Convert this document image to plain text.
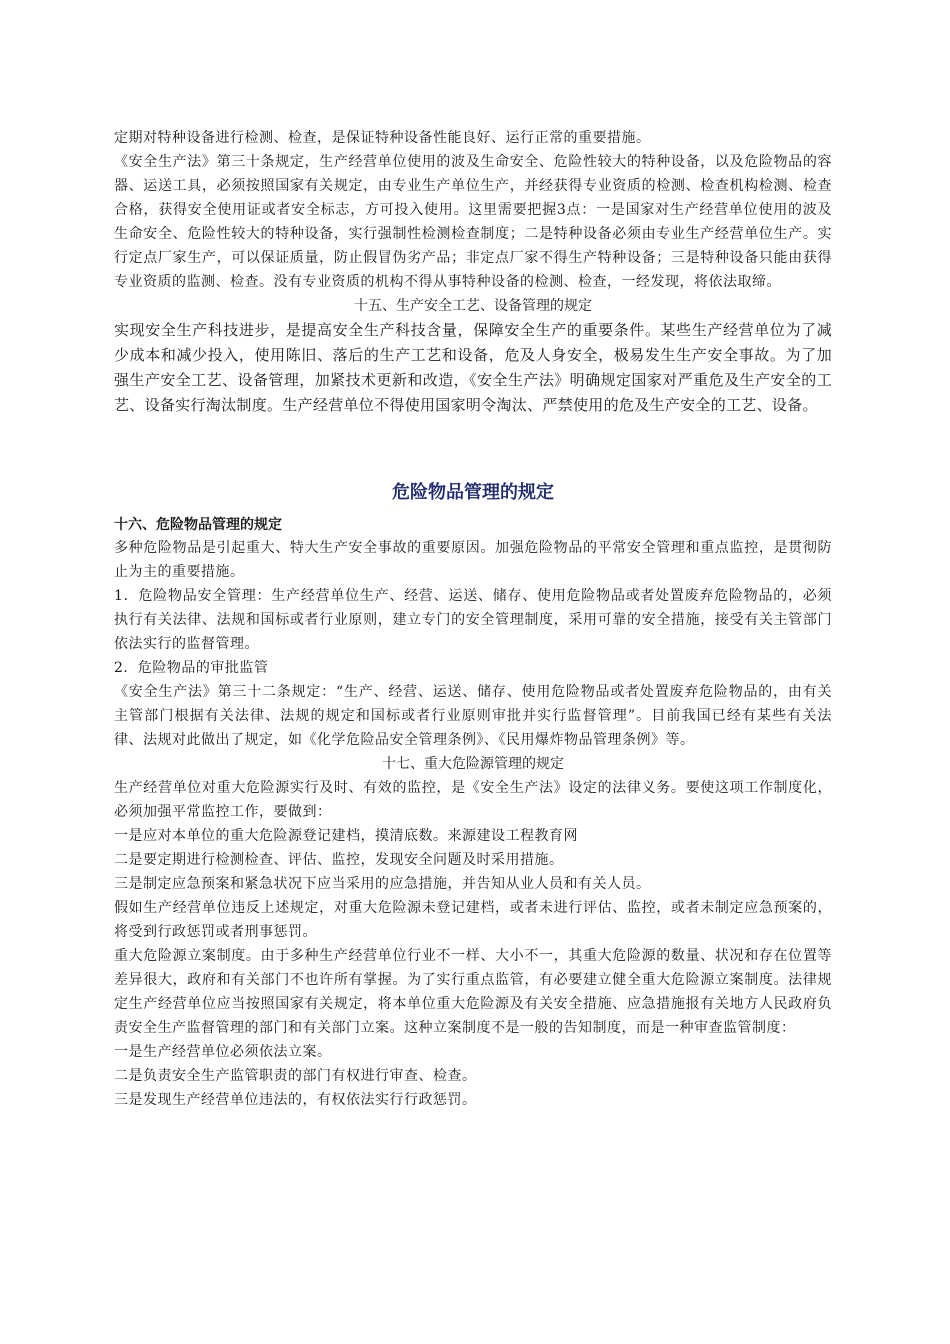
定期对特种设备进行检测、检查，是保证特种设备性能良好、运行正常的重要措施。

《安全生产法》第三十条规定，生产经营单位使用的波及生命安全、危险性较大的特种设备，以及危险物品的容器、运送工具，必须按照国家有关规定，由专业生产单位生产，并经获得专业资质的检测、检查机构检测、检查合格，获得安全使用证或者安全标志，方可投入使用。这里需要把握3点：一是国家对生产经营单位使用的波及生命安全、危险性较大的特种设备，实行强制性检测检查制度；二是特种设备必须由专业生产经营单位生产。实行定点厂家生产，可以保证质量，防止假冒伪劣产品；非定点厂家不得生产特种设备；三是特种设备只能由获得专业资质的监测、检查。没有专业资质的机构不得从事特种设备的检测、检查，一经发现，将依法取缔。

十五、生产安全工艺、设备管理的规定

实现安全生产科技进步，是提高安全生产科技含量，保障安全生产的重要条件。某些生产经营单位为了减少成本和减少投入，使用陈旧、落后的生产工艺和设备，危及人身安全，极易发生生产安全事故。为了加强生产安全工艺、设备管理，加紧技术更新和改造，《安全生产法》明确规定国家对严重危及生产安全的工艺、设备实行淘汰制度。生产经营单位不得使用国家明令淘汰、严禁使用的危及生产安全的工艺、设备。

危险物品管理的规定

十六、危险物品管理的规定

多种危险物品是引起重大、特大生产安全事故的重要原因。加强危险物品的平常安全管理和重点监控，是贯彻防止为主的重要措施。

1．危险物品安全管理：生产经营单位生产、经营、运送、储存、使用危险物品或者处置废弃危险物品的，必须执行有关法律、法规和国标或者行业原则，建立专门的安全管理制度，采用可靠的安全措施，接受有关主管部门依法实行的监督管理。

2．危险物品的审批监管

《安全生产法》第三十二条规定：“生产、经营、运送、储存、使用危险物品或者处置废弃危险物品的，由有关主管部门根据有关法律、法规的规定和国标或者行业原则审批并实行监督管理”。目前我国已经有某些有关法律、法规对此做出了规定，如《化学危险品安全管理条例》、《民用爆炸物品管理条例》等。

十七、重大危险源管理的规定

生产经营单位对重大危险源实行及时、有效的监控，是《安全生产法》设定的法律义务。要使这项工作制度化，必须加强平常监控工作，要做到：

一是应对本单位的重大危险源登记建档，摸清底数。来源建设工程教育网

二是要定期进行检测检查、评估、监控，发现安全问题及时采用措施。

三是制定应急预案和紧急状况下应当采用的应急措施，并告知从业人员和有关人员。

假如生产经营单位违反上述规定，对重大危险源未登记建档，或者未进行评估、监控，或者未制定应急预案的，将受到行政惩罚或者刑事惩罚。

重大危险源立案制度。由于多种生产经营单位行业不一样、大小不一，其重大危险源的数量、状况和存在位置等差异很大，政府和有关部门不也许所有掌握。为了实行重点监管，有必要建立健全重大危险源立案制度。法律规定生产经营单位应当按照国家有关规定，将本单位重大危险源及有关安全措施、应急措施报有关地方人民政府负责安全生产监督管理的部门和有关部门立案。这种立案制度不是一般的告知制度，而是一种审查监管制度：

一是生产经营单位必须依法立案。

二是负责安全生产监管职责的部门有权进行审查、检查。

三是发现生产经营单位违法的，有权依法实行行政惩罚。
